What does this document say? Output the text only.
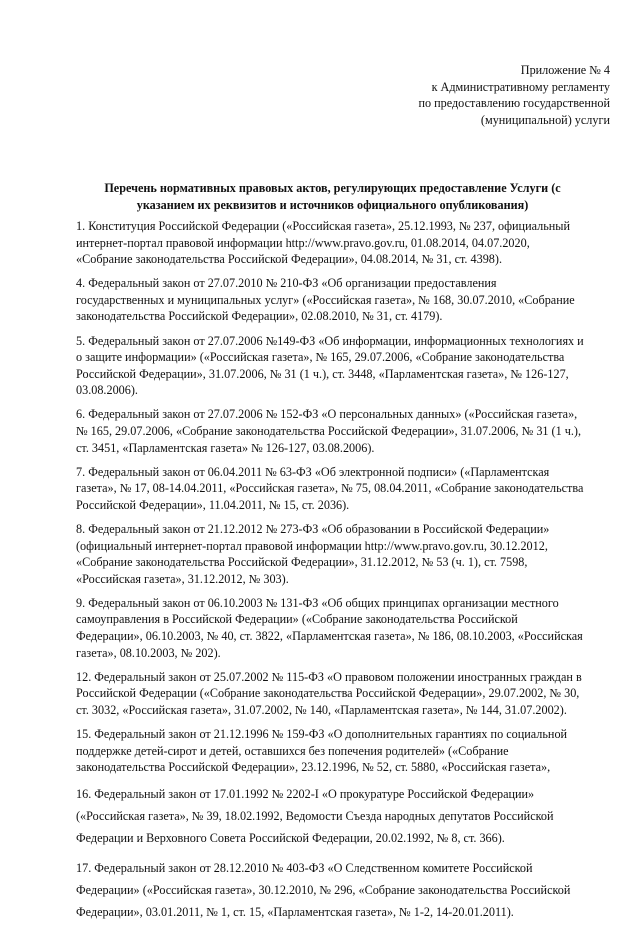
Приложение № 4
к Административному регламенту
по предоставлению государственной
(муниципальной) услуги
Перечень нормативных правовых актов, регулирующих предоставление Услуги (с
указанием их реквизитов и источников официального опубликования)
1. Конституция Российской Федерации («Российская газета», 25.12.1993, № 237, официальный
интернет-портал правовой информации http://www.pravo.gov.ru, 01.08.2014, 04.07.2020,
«Собрание законодательства Российской Федерации», 04.08.2014, № 31, ст. 4398).
4. Федеральный закон от 27.07.2010 № 210-ФЗ «Об организации предоставления
государственных и муниципальных услуг» («Российская газета», № 168, 30.07.2010, «Собрание
законодательства Российской Федерации», 02.08.2010, № 31, ст. 4179).
5. Федеральный закон от 27.07.2006 №149-ФЗ «Об информации, информационных технологиях и
о защите информации» («Российская газета», № 165, 29.07.2006, «Собрание законодательства
Российской Федерации», 31.07.2006, № 31 (1 ч.), ст. 3448, «Парламентская газета», № 126-127,
03.08.2006).
6. Федеральный закон от 27.07.2006 № 152-ФЗ «О персональных данных» («Российская газета»,
№ 165, 29.07.2006, «Собрание законодательства Российской Федерации», 31.07.2006, № 31 (1 ч.),
ст. 3451, «Парламентская газета» № 126-127, 03.08.2006).
7. Федеральный закон от 06.04.2011 № 63-ФЗ «Об электронной подписи» («Парламентская
газета», № 17, 08-14.04.2011, «Российская газета», № 75, 08.04.2011, «Собрание законодательства
Российской Федерации», 11.04.2011, № 15, ст. 2036).
8. Федеральный закон от 21.12.2012 № 273-ФЗ «Об образовании в Российской Федерации»
(официальный интернет-портал правовой информации http://www.pravo.gov.ru, 30.12.2012,
«Собрание законодательства Российской Федерации», 31.12.2012, № 53 (ч. 1), ст. 7598,
«Российская газета», 31.12.2012, № 303).
9. Федеральный закон от 06.10.2003 № 131-ФЗ «Об общих принципах организации местного
самоуправления в Российской Федерации» («Собрание законодательства Российской
Федерации», 06.10.2003, № 40, ст. 3822, «Парламентская газета», № 186, 08.10.2003, «Российская
газета», 08.10.2003, № 202).
12. Федеральный закон от 25.07.2002 № 115-ФЗ «О правовом положении иностранных граждан в
Российской Федерации («Собрание законодательства Российской Федерации», 29.07.2002, № 30,
ст. 3032, «Российская газета», 31.07.2002, № 140, «Парламентская газета», № 144, 31.07.2002).
15. Федеральный закон от 21.12.1996 № 159-ФЗ «О дополнительных гарантиях по социальной
поддержке детей-сирот и детей, оставшихся без попечения родителей» («Собрание
законодательства Российской Федерации», 23.12.1996, № 52, ст. 5880, «Российская газета»,
16. Федеральный закон от 17.01.1992 № 2202-I «О прокуратуре Российской Федерации»
(«Российская газета», № 39, 18.02.1992, Ведомости Съезда народных депутатов Российской
Федерации и Верховного Совета Российской Федерации, 20.02.1992, № 8, ст. 366).
17. Федеральный закон от 28.12.2010 № 403-ФЗ «О Следственном комитете Российской
Федерации» («Российская газета», 30.12.2010, № 296, «Собрание законодательства Российской
Федерации», 03.01.2011, № 1, ст. 15, «Парламентская газета», № 1-2, 14-20.01.2011).
